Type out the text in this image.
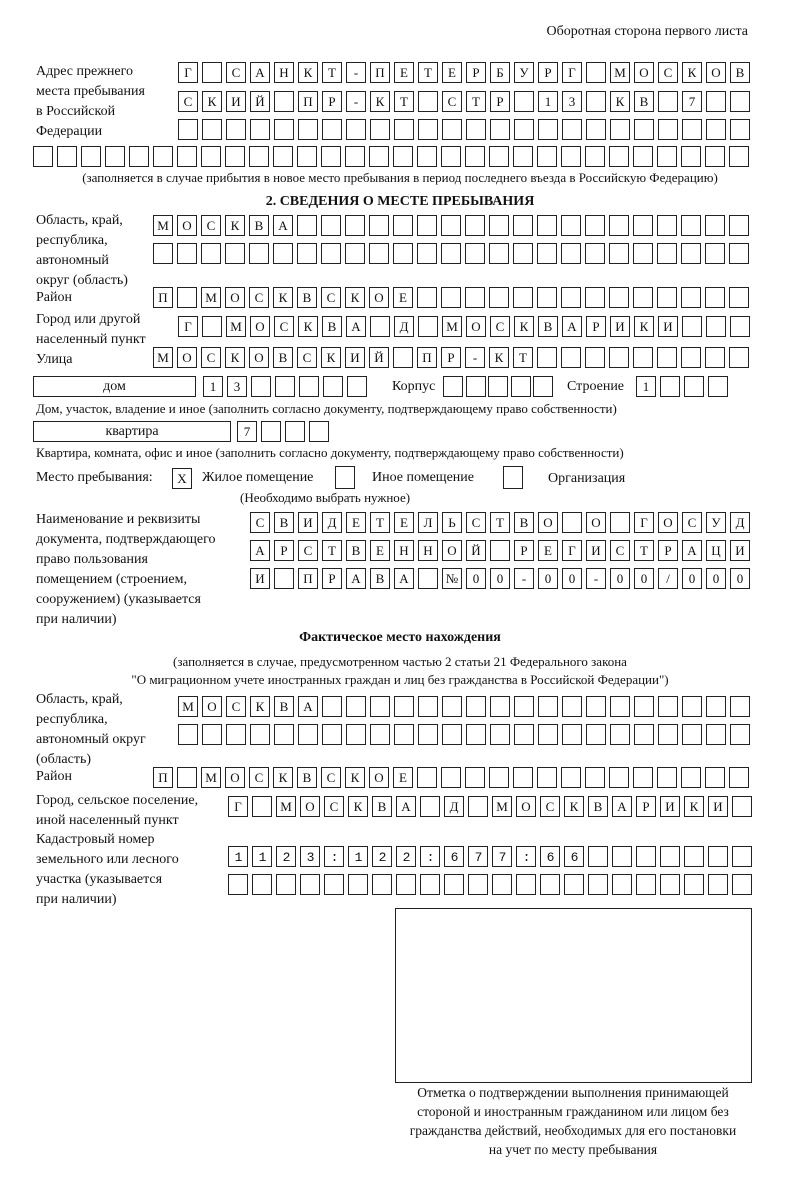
Оборотная сторона первого листа
Адрес прежнего
места пребывания
в Российской
Федерации
Г	С	А	Н	К	Т	-	П	Е	Т	Е	Р	Б	У	Р	Г	М	О	С	К	О	В
С	К	И	Й	П	Р	-	К	Т	С	Т	Р	1	3	К	В	7
(заполняется в случае прибытия в новое место пребывания в период последнего въезда в Российскую Федерацию)
2. СВЕДЕНИЯ О МЕСТЕ ПРЕБЫВАНИЯ
Область, край,
республика,
автономный
округ (область)
М	О	С	К	В	А
Район	П	М	О	С	К	В	С	К	О	Е
Город или другой
населенный пункт
Г	М	О	С	К	В	А	Д	М	О	С	К	В	А	Р	И	К	И
Улица	М	О	С	К	О	В	С	К	И	Й	П	Р	-	К	Т
дом	1	3	Корпус	Строение	1
Дом, участок, владение и иное (заполнить согласно документу, подтверждающему право собственности)
квартира	7
Квартира, комната, офис и иное (заполнить согласно документу, подтверждающему право собственности)
Место пребывания:	X	Жилое помещение	Иное помещение	Организация
(Необходимо выбрать нужное)
Наименование и реквизиты
документа, подтверждающего
право пользования
помещением (строением,
сооружением) (указывается
при наличии)
С	В	И	Д	Е	Т	Е	Л	Ь	С	Т	В	О	О	Г	О	С	У	Д
А	Р	С	Т	В	Е	Н	Н	О	Й	Р	Е	Г	И	С	Т	Р	А	Ц	И
И	П	Р	А	В	А	№	0	0	-	0	0	-	0	0	/	0	0	0
Фактическое место нахождения
(заполняется в случае, предусмотренном частью 2 статьи 21 Федерального закона
"О миграционном учете иностранных граждан и лиц без гражданства в Российской Федерации")
Область, край,
республика,
автономный округ
(область)
М	О	С	К	В	А
Район	П	М	О	С	К	В	С	К	О	Е
Город, сельское поселение,
иной населенный пункт
Г	М	О	С	К	В	А	Д	М	О	С	К	В	А	Р	И	К	И
Кадастровый номер
земельного или лесного
участка (указывается
при наличии)
1123:122:677:66
Отметка о подтверждении выполнения принимающей
стороной и иностранным гражданином или лицом без
гражданства действий, необходимых для его постановки
на учет по месту пребывания
